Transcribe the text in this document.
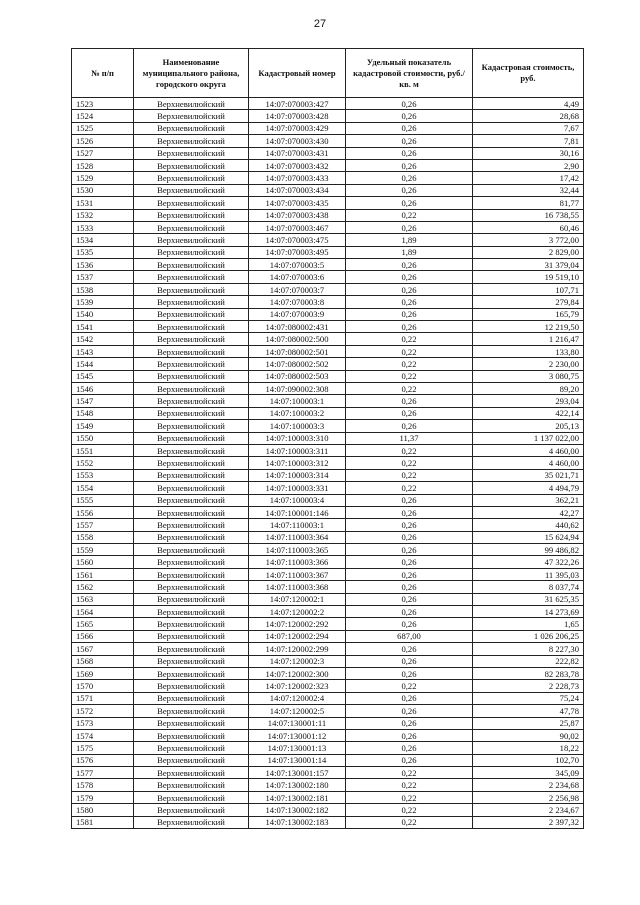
27
№ п/п	Наименование муниципального района, городского округа	Кадастровый номер	Удельный показатель кадастровой стоимости, руб./кв. м	Кадастровая стоимость, руб.
1523	Верхневилюйский	14:07:070003:427	0,26	4,49
1524	Верхневилюйский	14:07:070003:428	0,26	28,68
1525	Верхневилюйский	14:07:070003:429	0,26	7,67
1526	Верхневилюйский	14:07:070003:430	0,26	7,81
1527	Верхневилюйский	14:07:070003:431	0,26	30,16
1528	Верхневилюйский	14:07:070003:432	0,26	2,90
1529	Верхневилюйский	14:07:070003:433	0,26	17,42
1530	Верхневилюйский	14:07:070003:434	0,26	32,44
1531	Верхневилюйский	14:07:070003:435	0,26	81,77
1532	Верхневилюйский	14:07:070003:438	0,22	16 738,55
1533	Верхневилюйский	14:07:070003:467	0,26	60,46
1534	Верхневилюйский	14:07:070003:475	1,89	3 772,00
1535	Верхневилюйский	14:07:070003:495	1,89	2 829,00
1536	Верхневилюйский	14:07:070003:5	0,26	31 379,04
1537	Верхневилюйский	14:07:070003:6	0,26	19 519,10
1538	Верхневилюйский	14:07:070003:7	0,26	107,71
1539	Верхневилюйский	14:07:070003:8	0,26	279,84
1540	Верхневилюйский	14:07:070003:9	0,26	165,79
1541	Верхневилюйский	14:07:080002:431	0,26	12 219,50
1542	Верхневилюйский	14:07:080002:500	0,22	1 216,47
1543	Верхневилюйский	14:07:080002:501	0,22	133,80
1544	Верхневилюйский	14:07:080002:502	0,22	2 230,00
1545	Верхневилюйский	14:07:080002:503	0,22	3 080,75
1546	Верхневилюйский	14:07:090002:308	0,22	89,20
1547	Верхневилюйский	14:07:100003:1	0,26	293,04
1548	Верхневилюйский	14:07:100003:2	0,26	422,14
1549	Верхневилюйский	14:07:100003:3	0,26	205,13
1550	Верхневилюйский	14:07:100003:310	11,37	1 137 022,00
1551	Верхневилюйский	14:07:100003:311	0,22	4 460,00
1552	Верхневилюйский	14:07:100003:312	0,22	4 460,00
1553	Верхневилюйский	14:07:100003:314	0,22	35 021,71
1554	Верхневилюйский	14:07:100003:331	0,22	4 494,79
1555	Верхневилюйский	14:07:100003:4	0,26	362,21
1556	Верхневилюйский	14:07:100001:146	0,26	42,27
1557	Верхневилюйский	14:07:110003:1	0,26	440,62
1558	Верхневилюйский	14:07:110003:364	0,26	15 624,94
1559	Верхневилюйский	14:07:110003:365	0,26	99 486,82
1560	Верхневилюйский	14:07:110003:366	0,26	47 322,26
1561	Верхневилюйский	14:07:110003:367	0,26	11 395,03
1562	Верхневилюйский	14:07:110003:368	0,26	8 037,74
1563	Верхневилюйский	14:07:120002:1	0,26	31 625,35
1564	Верхневилюйский	14:07:120002:2	0,26	14 273,69
1565	Верхневилюйский	14:07:120002:292	0,26	1,65
1566	Верхневилюйский	14:07:120002:294	687,00	1 026 206,25
1567	Верхневилюйский	14:07:120002:299	0,26	8 227,30
1568	Верхневилюйский	14:07:120002:3	0,26	222,82
1569	Верхневилюйский	14:07:120002:300	0,26	82 283,78
1570	Верхневилюйский	14:07:120002:323	0,22	2 228,73
1571	Верхневилюйский	14:07:120002:4	0,26	75,24
1572	Верхневилюйский	14:07:120002:5	0,26	47,78
1573	Верхневилюйский	14:07:130001:11	0,26	25,87
1574	Верхневилюйский	14:07:130001:12	0,26	90,02
1575	Верхневилюйский	14:07:130001:13	0,26	18,22
1576	Верхневилюйский	14:07:130001:14	0,26	102,70
1577	Верхневилюйский	14:07:130001:157	0,22	345,09
1578	Верхневилюйский	14:07:130002:180	0,22	2 234,68
1579	Верхневилюйский	14:07:130002:181	0,22	2 256,98
1580	Верхневилюйский	14:07:130002:182	0,22	2 234,67
1581	Верхневилюйский	14:07:130002:183	0,22	2 397,32
